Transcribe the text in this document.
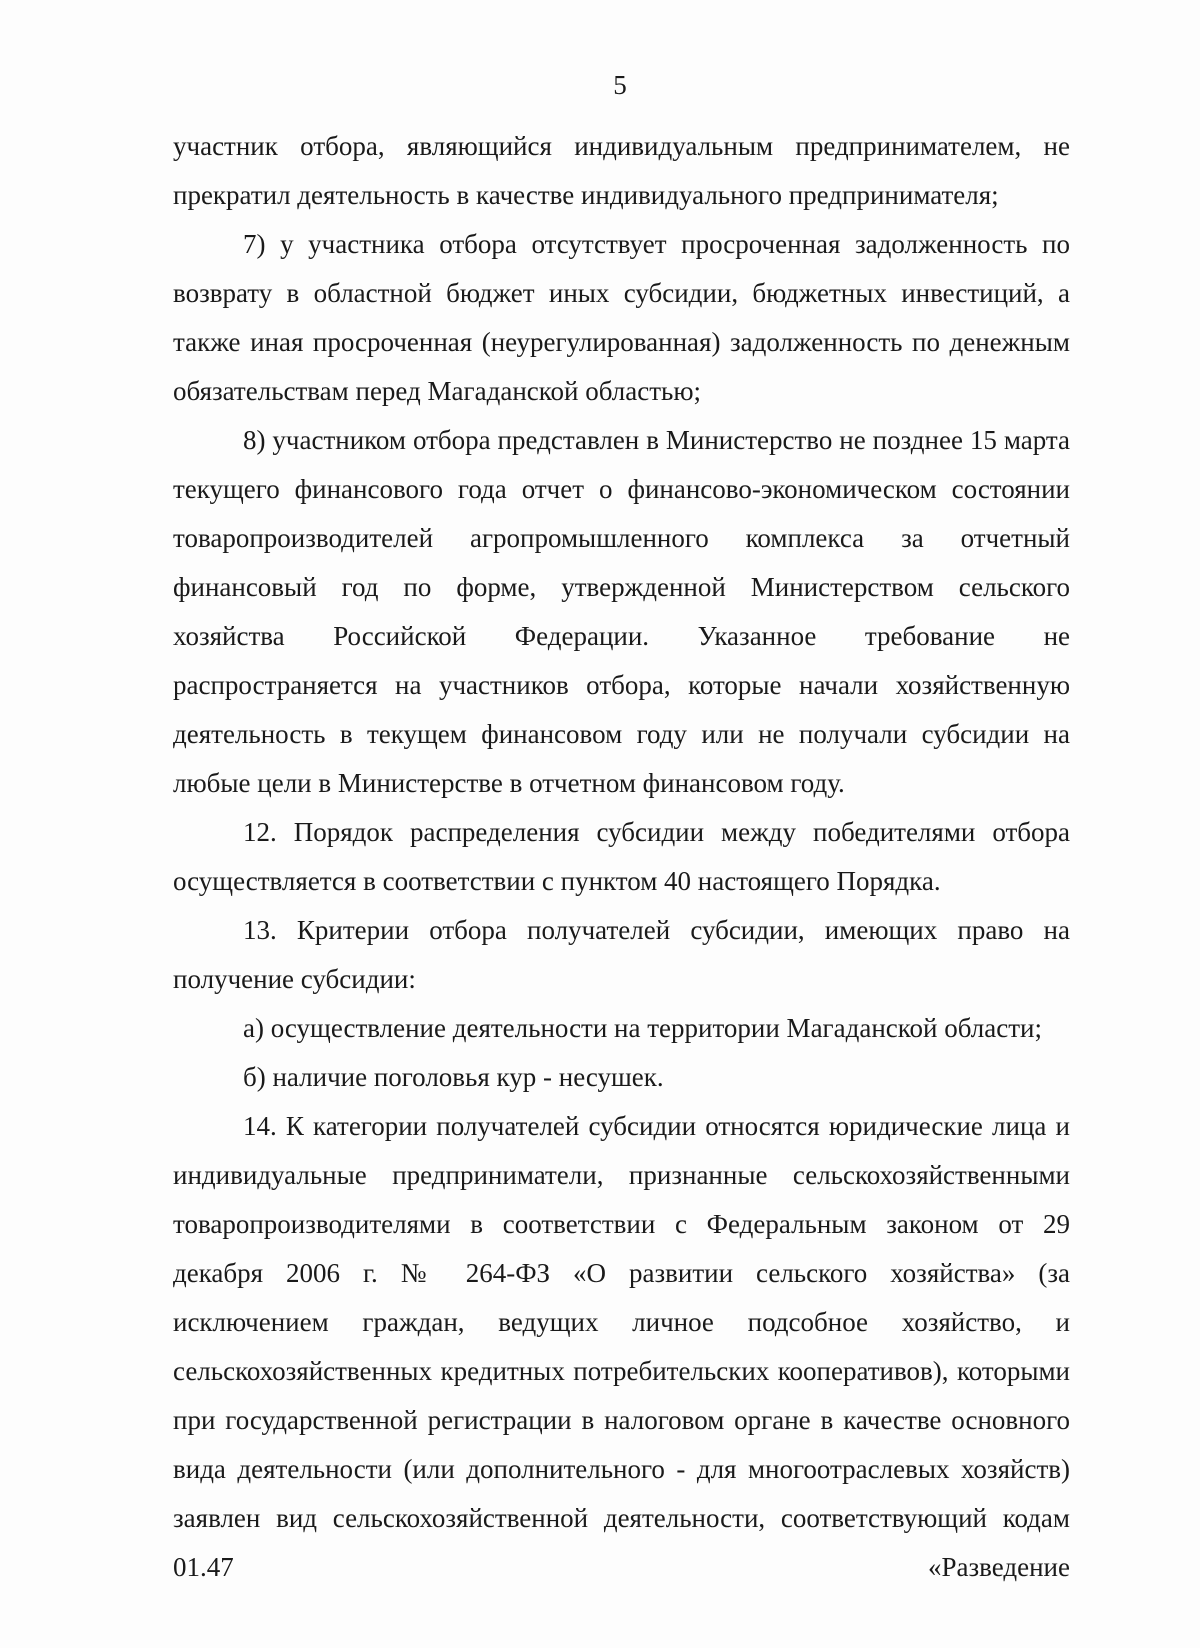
5

участник отбора, являющийся индивидуальным предпринимателем, не прекратил деятельность в качестве индивидуального предпринимателя;

7) у участника отбора отсутствует просроченная задолженность по возврату в областной бюджет иных субсидии, бюджетных инвестиций, а также иная просроченная (неурегулированная) задолженность по денежным обязательствам перед Магаданской областью;

8) участником отбора представлен в Министерство не позднее 15 марта текущего финансового года отчет о финансово-экономическом состоянии товаропроизводителей агропромышленного комплекса за отчетный финансовый год по форме, утвержденной Министерством сельского хозяйства Российской Федерации. Указанное требование не распространяется на участников отбора, которые начали хозяйственную деятельность в текущем финансовом году или не получали субсидии на любые цели в Министерстве в отчетном финансовом году.

12. Порядок распределения субсидии между победителями отбора осуществляется в соответствии с пунктом 40 настоящего Порядка.

13. Критерии отбора получателей субсидии, имеющих право на получение субсидии:

а) осуществление деятельности на территории Магаданской области;

б) наличие поголовья кур - несушек.

14. К категории получателей субсидии относятся юридические лица и индивидуальные предприниматели, признанные сельскохозяйственными товаропроизводителями в соответствии с Федеральным законом от 29 декабря 2006 г. № 264-ФЗ «О развитии сельского хозяйства» (за исключением граждан, ведущих личное подсобное хозяйство, и сельскохозяйственных кредитных потребительских кооперативов), которыми при государственной регистрации в налоговом органе в качестве основного вида деятельности (или дополнительного - для многоотраслевых хозяйств) заявлен вид сельскохозяйственной деятельности, соответствующий кодам 01.47 «Разведение
